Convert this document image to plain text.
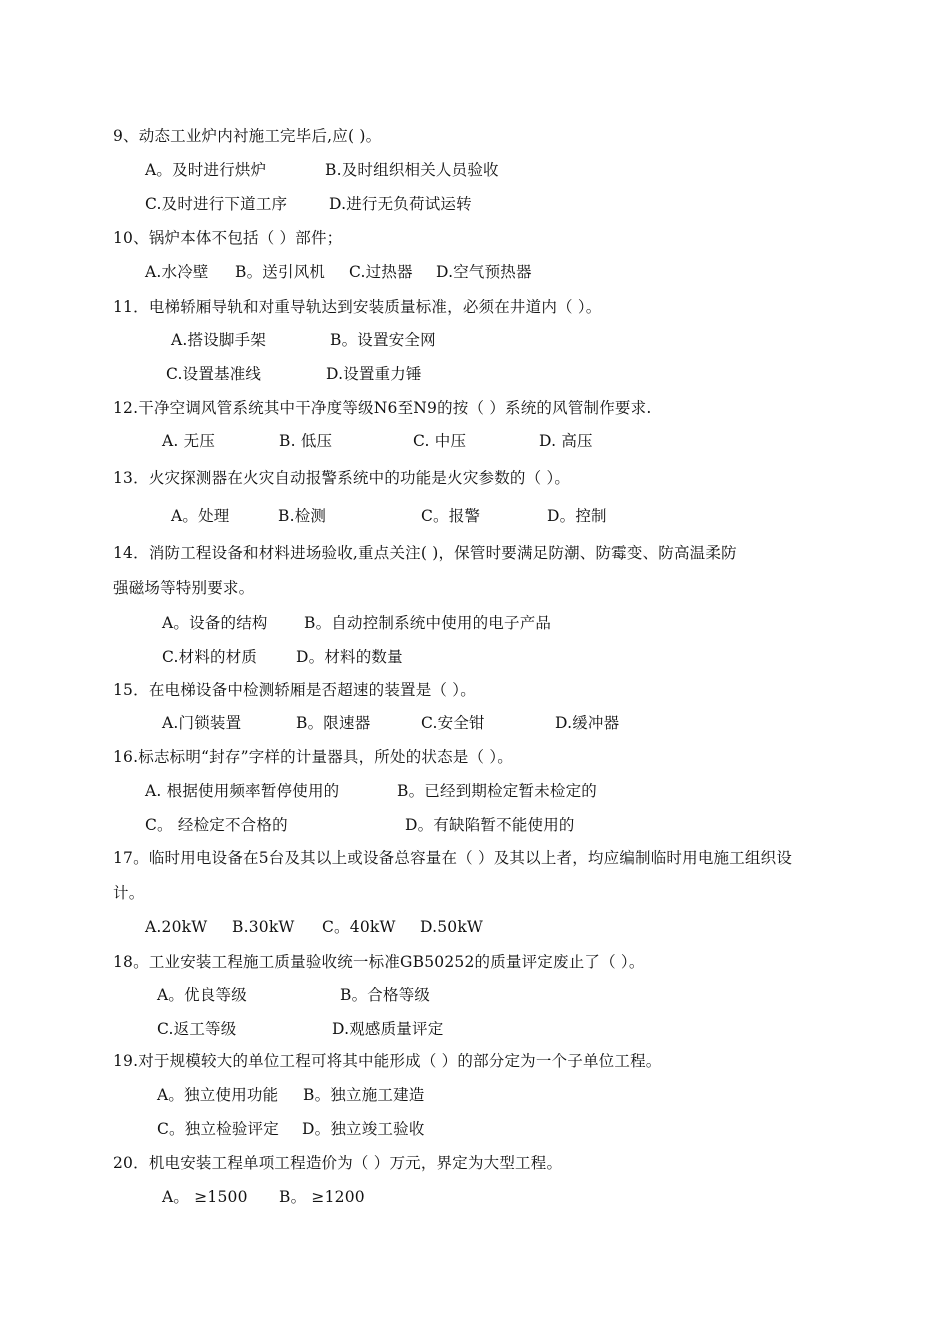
9、动态工业炉内衬施工完毕后,应( )。
A。及时进行烘炉	B.及时组织相关人员验收
C.及时进行下道工序	D.进行无负荷试运转
10、锅炉本体不包括（ ）部件；
A.水冷壁 B。送引风机 C.过热器 D.空气预热器
11．电梯轿厢导轨和对重导轨达到安装质量标准，必须在井道内（ ）。
A.搭设脚手架	B。设置安全网
C.设置基准线	D.设置重力锤
12.干净空调风管系统其中干净度等级N6至N9的按（ ）系统的风管制作要求.
A. 无压	B. 低压	C. 中压	D. 高压
13．火灾探测器在火灾自动报警系统中的功能是火灾参数的（ ）。
A。处理	B.检测	C。报警	D。控制
14．消防工程设备和材料进场验收,重点关注( )，保管时要满足防潮、防霉变、防高温柔防
强磁场等特别要求。
A。设备的结构 B。自动控制系统中使用的电子产品
C.材料的材质	D。材料的数量
15．在电梯设备中检测轿厢是否超速的装置是（ ）。
A.门锁装置	B。限速器	C.安全钳	D.缓冲器
16.标志标明“封存”字样的计量器具，所处的状态是（ ）。
A. 根据使用频率暂停使用的	B。已经到期检定暂未检定的
C。 经检定不合格的	D。有缺陷暂不能使用的
17。临时用电设备在5台及其以上或设备总容量在（ ）及其以上者，均应编制临时用电施工组织设
计。
A.20kW B.30kW C。40kW D.50kW
18。工业安装工程施工质量验收统一标准GB50252的质量评定废止了（ ）。
A。优良等级	B。合格等级
C.返工等级	D.观感质量评定
19.对于规模较大的单位工程可将其中能形成（ ）的部分定为一个子单位工程。
A。独立使用功能 B。独立施工建造
C。独立检验评定 D。独立竣工验收
20．机电安装工程单项工程造价为（ ）万元，界定为大型工程。
A。 ≥1500 B。 ≥1200
